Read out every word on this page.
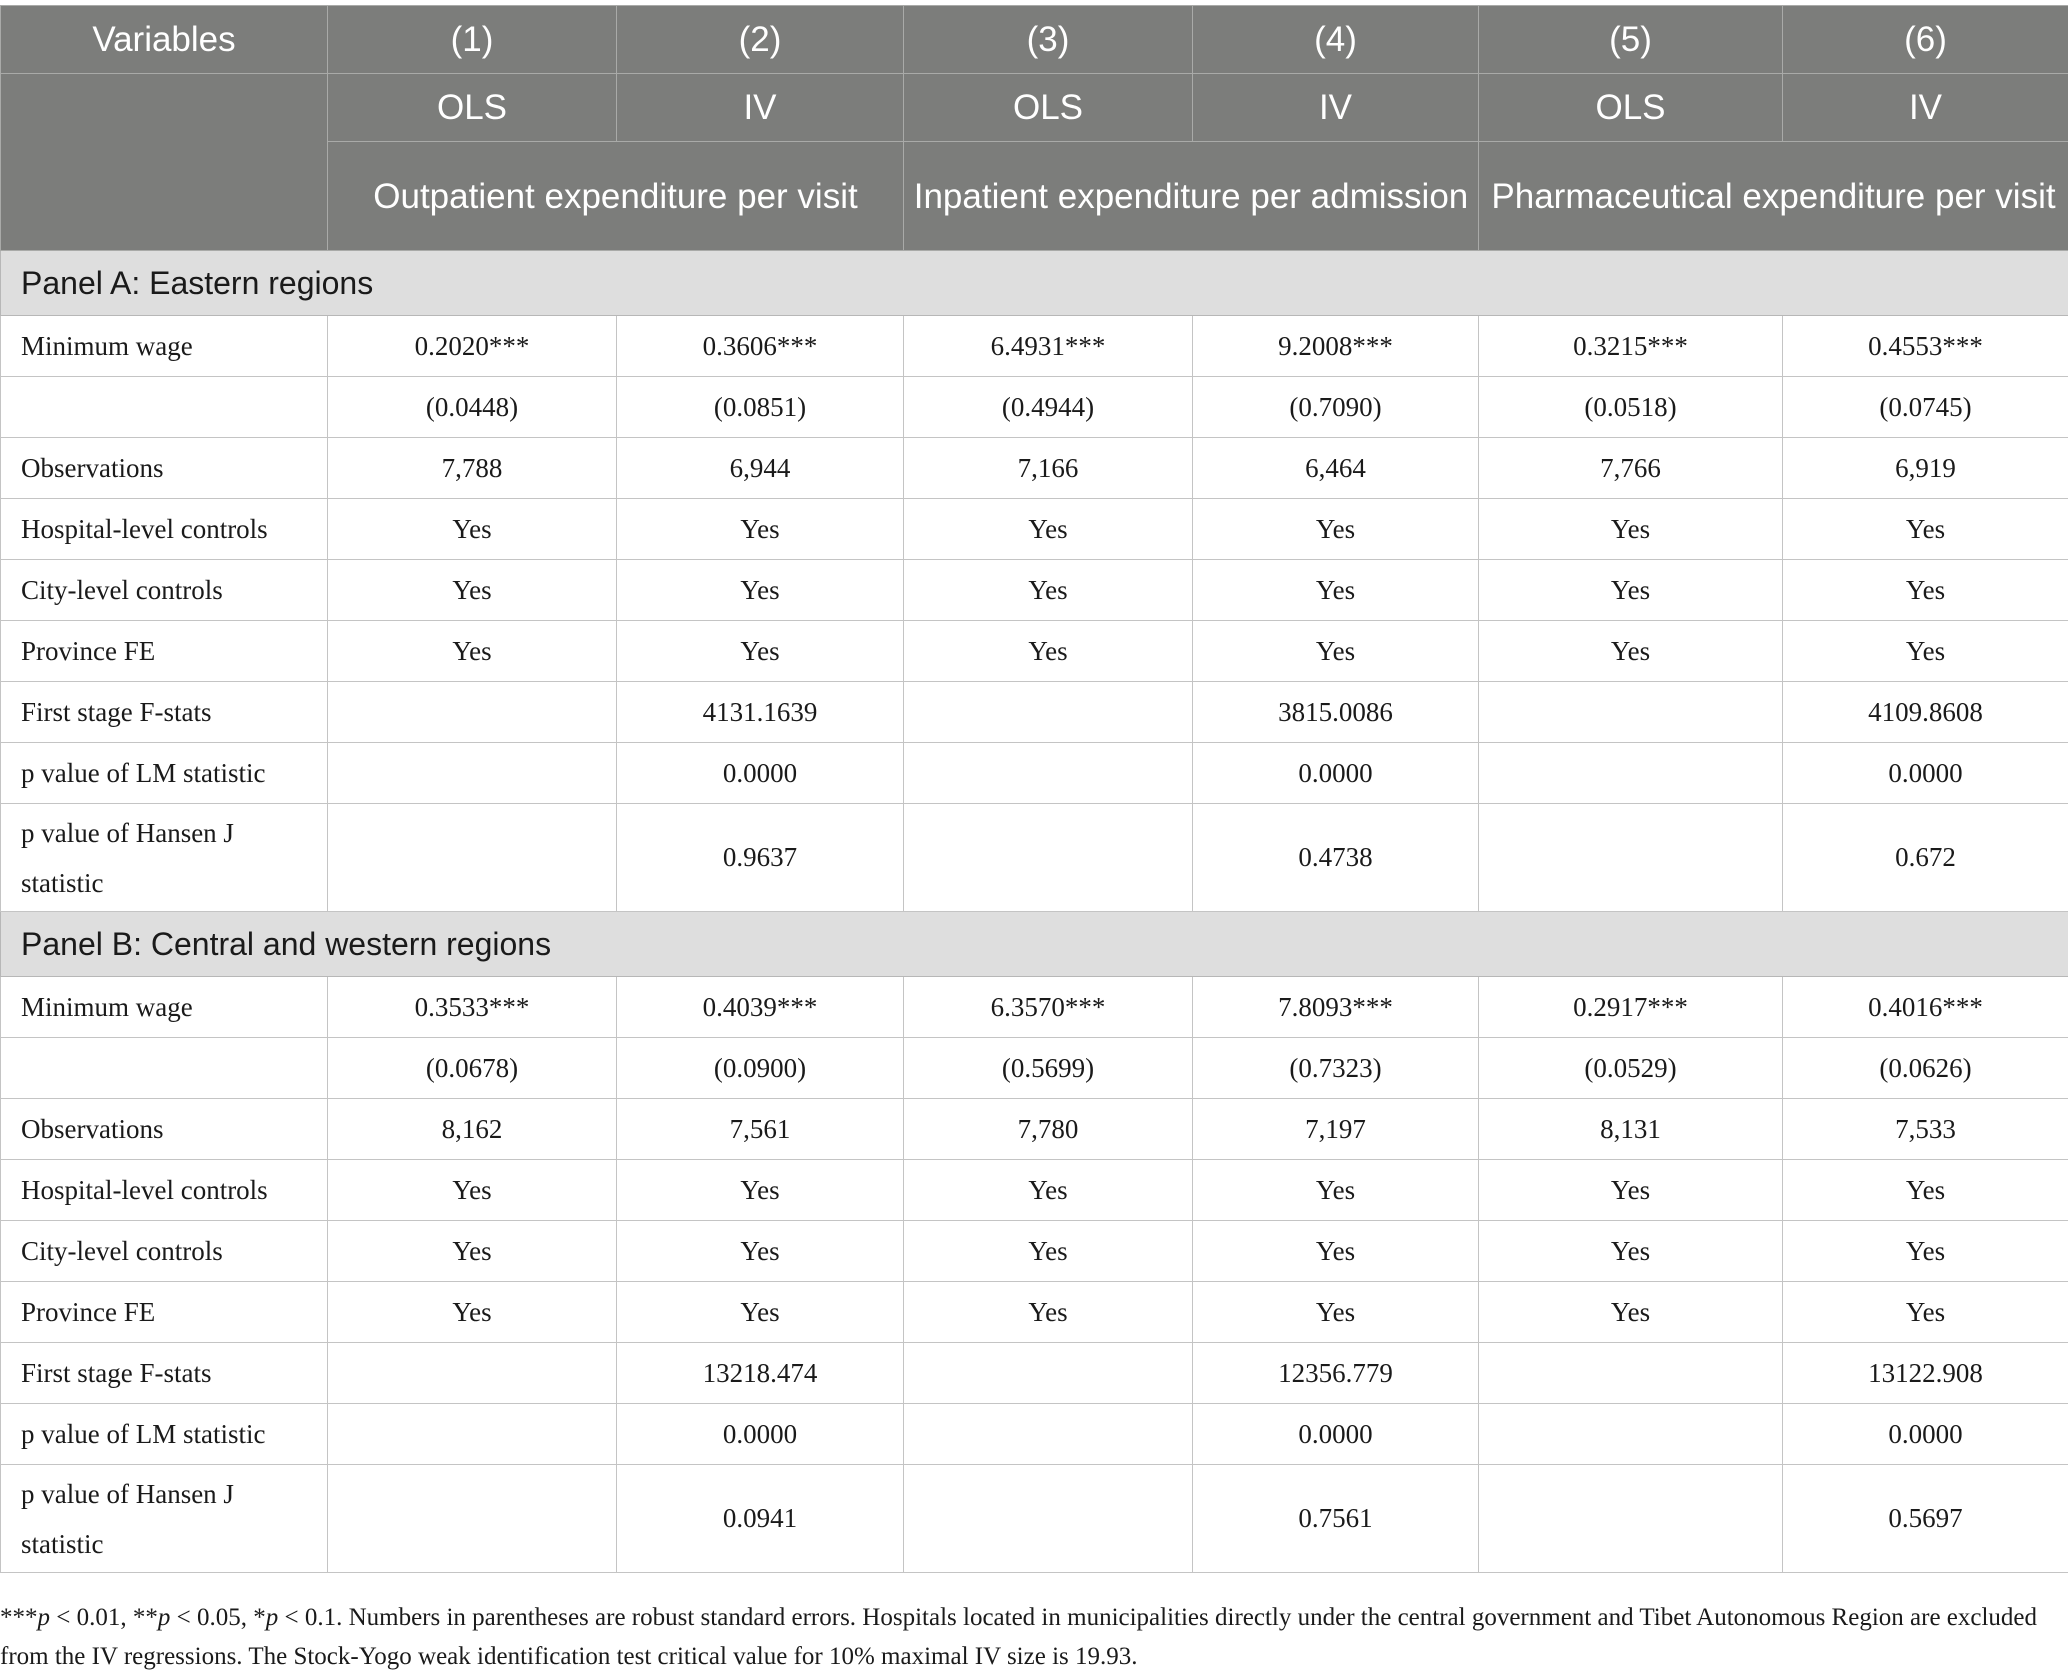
Variables	(1)	(2)	(3)	(4)	(5)	(6)
	OLS	IV	OLS	IV	OLS	IV
	Outpatient expenditure per visit		Inpatient expenditure per admission		Pharmaceutical expenditure per visit	
Panel A: Eastern regions						
Minimum wage	0.2020***	0.3606***	6.4931***	9.2008***	0.3215***	0.4553***
	(0.0448)	(0.0851)	(0.4944)	(0.7090)	(0.0518)	(0.0745)
Observations	7,788	6,944	7,166	6,464	7,766	6,919
Hospital-level controls	Yes	Yes	Yes	Yes	Yes	Yes
City-level controls	Yes	Yes	Yes	Yes	Yes	Yes
Province FE	Yes	Yes	Yes	Yes	Yes	Yes
First stage F-stats		4131.1639		3815.0086		4109.8608
p value of LM statistic		0.0000		0.0000		0.0000
p value of Hansen J
statistic		0.9637		0.4738		0.672
Panel B: Central and western regions						
Minimum wage	0.3533***	0.4039***	6.3570***	7.8093***	0.2917***	0.4016***
	(0.0678)	(0.0900)	(0.5699)	(0.7323)	(0.0529)	(0.0626)
Observations	8,162	7,561	7,780	7,197	8,131	7,533
Hospital-level controls	Yes	Yes	Yes	Yes	Yes	Yes
City-level controls	Yes	Yes	Yes	Yes	Yes	Yes
Province FE	Yes	Yes	Yes	Yes	Yes	Yes
First stage F-stats		13218.474		12356.779		13122.908
p value of LM statistic		0.0000		0.0000		0.0000
p value of Hansen J
statistic		0.0941		0.7561		0.5697
***p < 0.01, **p < 0.05, *p < 0.1. Numbers in parentheses are robust standard errors. Hospitals located in municipalities directly under the central government and Tibet Autonomous Region are excluded from the IV regressions. The Stock-Yogo weak identification test critical value for 10% maximal IV size is 19.93.
